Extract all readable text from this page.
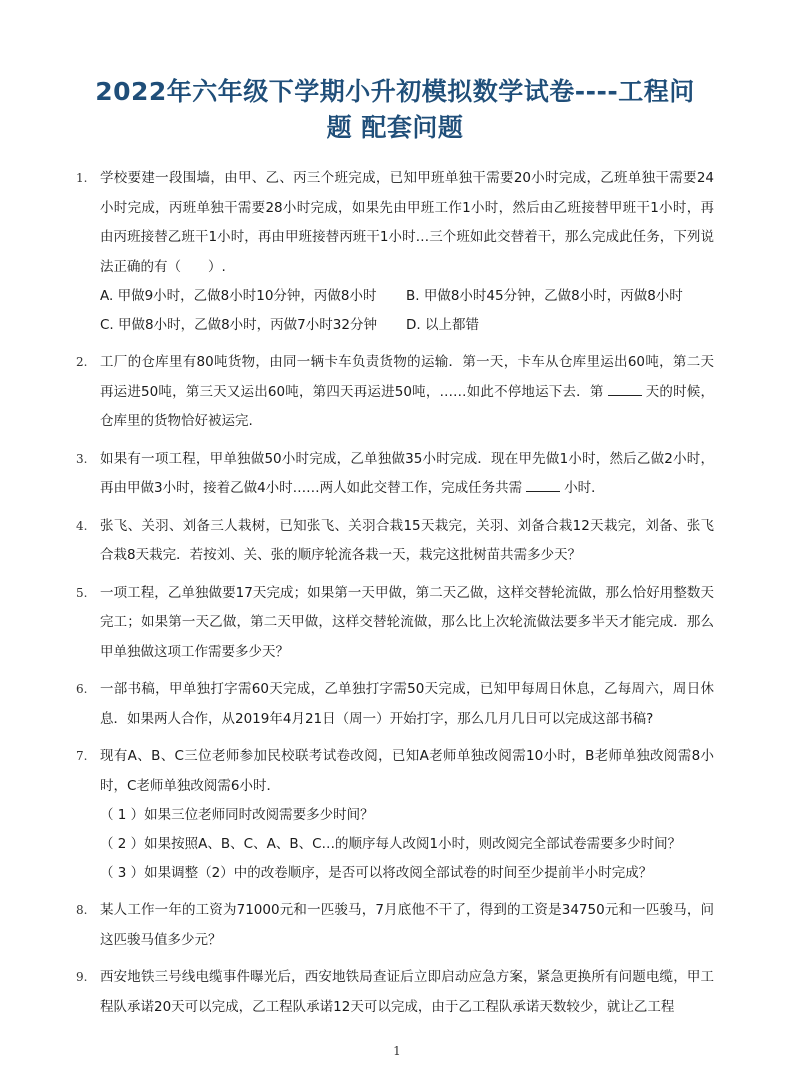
2022年六年级下学期小升初模拟数学试卷----工程问题 配套问题
1. 学校要建一段围墙，由甲、乙、丙三个班完成，已知甲班单独干需要20小时完成，乙班单独干需要24小时完成，丙班单独干需要28小时完成，如果先由甲班工作1小时，然后由乙班接替甲班干1小时，再由丙班接替乙班干1小时，再由甲班接替丙班干1小时…三个班如此交替着干，那么完成此任务，下列说法正确的有（　　）.
A. 甲做9小时，乙做8小时10分钟，丙做8小时	B. 甲做8小时45分钟，乙做8小时，丙做8小时
C. 甲做8小时，乙做8小时，丙做7小时32分钟	D. 以上都错
2. 工厂的仓库里有80吨货物，由同一辆卡车负责货物的运输．第一天，卡车从仓库里运出60吨，第二天再运进50吨，第三天又运出60吨，第四天再运进50吨，……如此不停地运下去．第	天的时候，仓库里的货物恰好被运完.
3. 如果有一项工程，甲单独做50小时完成，乙单独做35小时完成．现在甲先做1小时，然后乙做2小时，再由甲做3小时，接着乙做4小时……两人如此交替工作，完成任务共需	小时．
4. 张飞、关羽、刘备三人栽树，已知张飞、关羽合栽15天栽完，关羽、刘备合栽12天栽完，刘备、张飞合栽8天栽完．若按刘、关、张的顺序轮流各栽一天，栽完这批树苗共需多少天？
5. 一项工程，乙单独做要17天完成；如果第一天甲做，第二天乙做，这样交替轮流做，那么恰好用整数天完工；如果第一天乙做，第二天甲做，这样交替轮流做，那么比上次轮流做法要多半天才能完成．那么甲单独做这项工作需要多少天？
6. 一部书稿，甲单独打字需60天完成，乙单独打字需50天完成，已知甲每周日休息，乙每周六，周日休息．如果两人合作，从2019年4月21日（周一）开始打字，那么几月几日可以完成这部书稿?
7. 现有A、B、C三位老师参加民校联考试卷改阅，已知A老师单独改阅需10小时，B老师单独改阅需8小时，C老师单独改阅需6小时．
（ 1 ）如果三位老师同时改阅需要多少时间？
（ 2 ）如果按照A、B、C、A、B、C…的顺序每人改阅1小时，则改阅完全部试卷需要多少时间？
（ 3 ）如果调整（2）中的改卷顺序，是否可以将改阅全部试卷的时间至少提前半小时完成？
8. 某人工作一年的工资为71000元和一匹骏马，7月底他不干了，得到的工资是34750元和一匹骏马，问这匹骏马值多少元？
9. 西安地铁三号线电缆事件曝光后，西安地铁局查证后立即启动应急方案，紧急更换所有问题电缆，甲工程队承诺20天可以完成，乙工程队承诺12天可以完成，由于乙工程队承诺天数较少，就让乙工程
1
